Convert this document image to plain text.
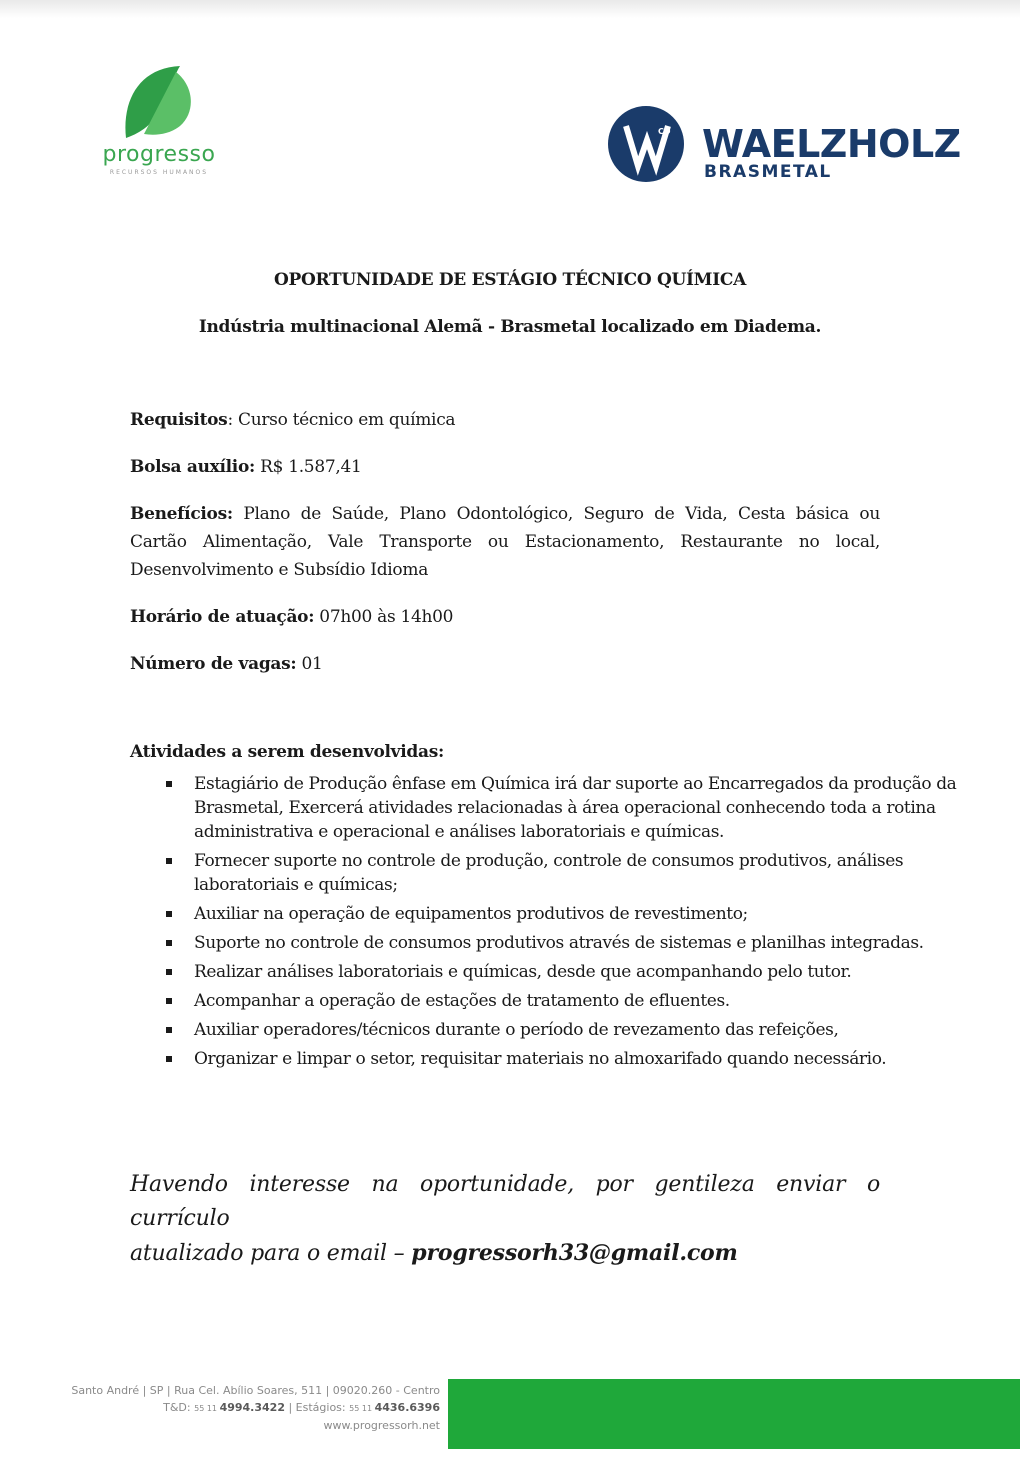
progresso
RECURSOS HUMANOS
CD WAELZHOLZ
BRASMETAL
OPORTUNIDADE DE ESTÁGIO TÉCNICO QUÍMICA
Indústria multinacional Alemã - Brasmetal localizado em Diadema.
Requisitos: Curso técnico em química
Bolsa auxílio: R$ 1.587,41
Benefícios: Plano de Saúde, Plano Odontológico, Seguro de Vida, Cesta básica ou Cartão Alimentação, Vale Transporte ou Estacionamento, Restaurante no local, Desenvolvimento e Subsídio Idioma
Horário de atuação: 07h00 às 14h00
Número de vagas: 01
Atividades a serem desenvolvidas:
Estagiário de Produção ênfase em Química irá dar suporte ao Encarregados da produção da Brasmetal, Exercerá atividades relacionadas à área operacional conhecendo toda a rotina administrativa e operacional e análises laboratoriais e químicas.
Fornecer suporte no controle de produção, controle de consumos produtivos, análises laboratoriais e químicas;
Auxiliar na operação de equipamentos produtivos de revestimento;
Suporte no controle de consumos produtivos através de sistemas e planilhas integradas.
Realizar análises laboratoriais e químicas, desde que acompanhando pelo tutor.
Acompanhar a operação de estações de tratamento de efluentes.
Auxiliar operadores/técnicos durante o período de revezamento das refeições,
Organizar e limpar o setor, requisitar materiais no almoxarifado quando necessário.
Havendo interesse na oportunidade, por gentileza enviar o currículo
atualizado para o email – progressorh33@gmail.com
Santo André | SP | Rua Cel. Abílio Soares, 511 | 09020.260 - Centro
T&D: 55 11 4994.3422 | Estágios: 55 11 4436.6396
www.progressorh.net
